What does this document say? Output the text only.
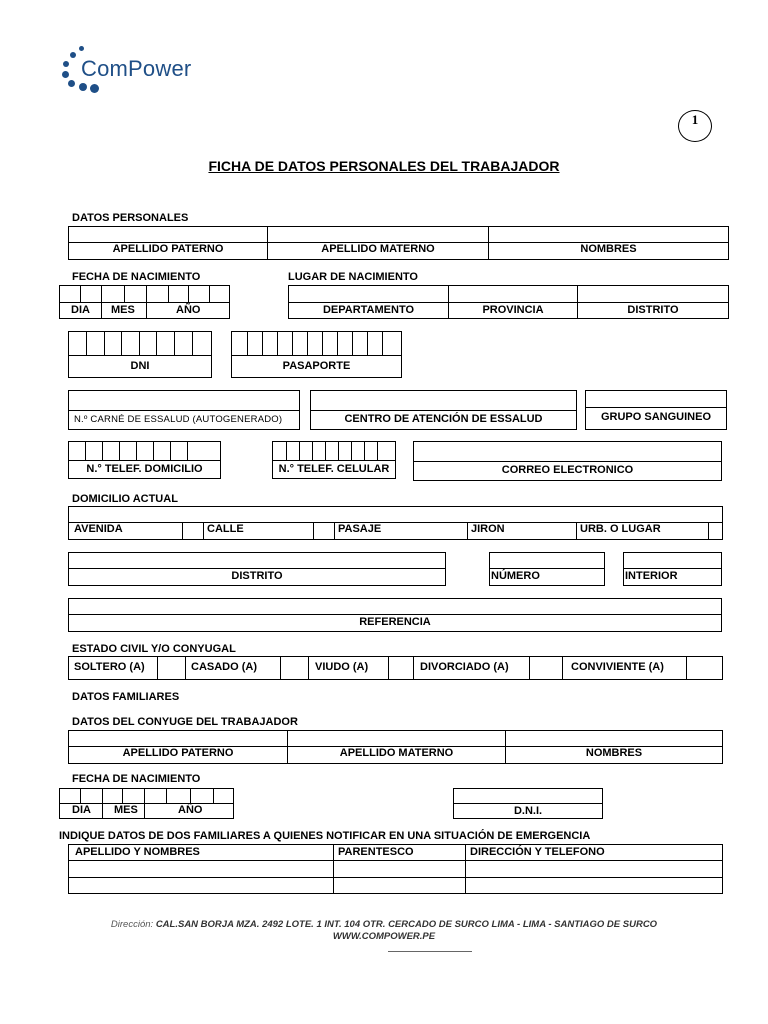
ComPower
1
FICHA DE DATOS PERSONALES DEL TRABAJADOR
DATOS PERSONALES
APELLIDO PATERNO	APELLIDO MATERNO	NOMBRES
FECHA DE NACIMIENTO	LUGAR DE NACIMIENTO
DIA MES	AÑO	DEPARTAMENTO	PROVINCIA	DISTRITO
DNI	PASAPORTE
N.º CARNÉ DE ESSALUD (AUTOGENERADO)	CENTRO DE ATENCIÓN DE ESSALUD	GRUPO SANGUINEO
N.° TELEF. DOMICILIO	N.° TELEF. CELULAR	CORREO ELECTRONICO
DOMICILIO ACTUAL
AVENIDA	CALLE	PASAJE	JIRON	URB. O LUGAR
DISTRITO	NÚMERO	INTERIOR
REFERENCIA
ESTADO CIVIL Y/O CONYUGAL
SOLTERO (A)	CASADO (A)	VIUDO (A)	DIVORCIADO (A)	CONVIVIENTE (A)
DATOS FAMILIARES
DATOS DEL CONYUGE DEL TRABAJADOR
APELLIDO PATERNO	APELLIDO MATERNO	NOMBRES
FECHA DE NACIMIENTO
DIA MES	AÑO	D.N.I.
INDIQUE DATOS DE DOS FAMILIARES A QUIENES NOTIFICAR EN UNA SITUACIÓN DE EMERGENCIA
APELLIDO Y NOMBRES	PARENTESCO	DIRECCIÓN Y TELEFONO
Dirección: CAL.SAN BORJA MZA. 2492 LOTE. 1 INT. 104 OTR. CERCADO DE SURCO LIMA - LIMA - SANTIAGO DE SURCO
WWW.COMPOWER.PE
